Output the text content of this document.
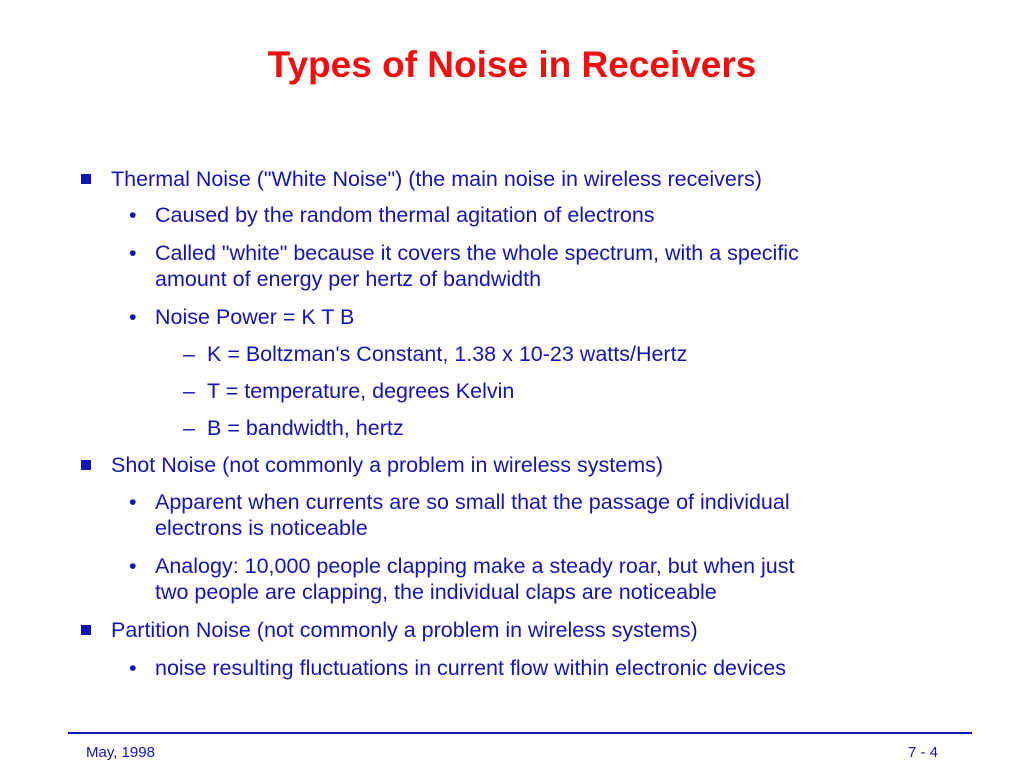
Types of Noise in Receivers
Thermal Noise ("White Noise") (the main noise in wireless receivers)
• Caused by the random thermal agitation of electrons
• Called "white" because it covers the whole spectrum, with a specific
amount of energy per hertz of bandwidth
• Noise Power = K T B
– K = Boltzman's Constant, 1.38 x 10-23 watts/Hertz
– T = temperature, degrees Kelvin
– B = bandwidth, hertz
Shot Noise (not commonly a problem in wireless systems)
• Apparent when currents are so small that the passage of individual
electrons is noticeable
• Analogy: 10,000 people clapping make a steady roar, but when just
two people are clapping, the individual claps are noticeable
Partition Noise (not commonly a problem in wireless systems)
• noise resulting fluctuations in current flow within electronic devices
May, 1998	7 - 4
